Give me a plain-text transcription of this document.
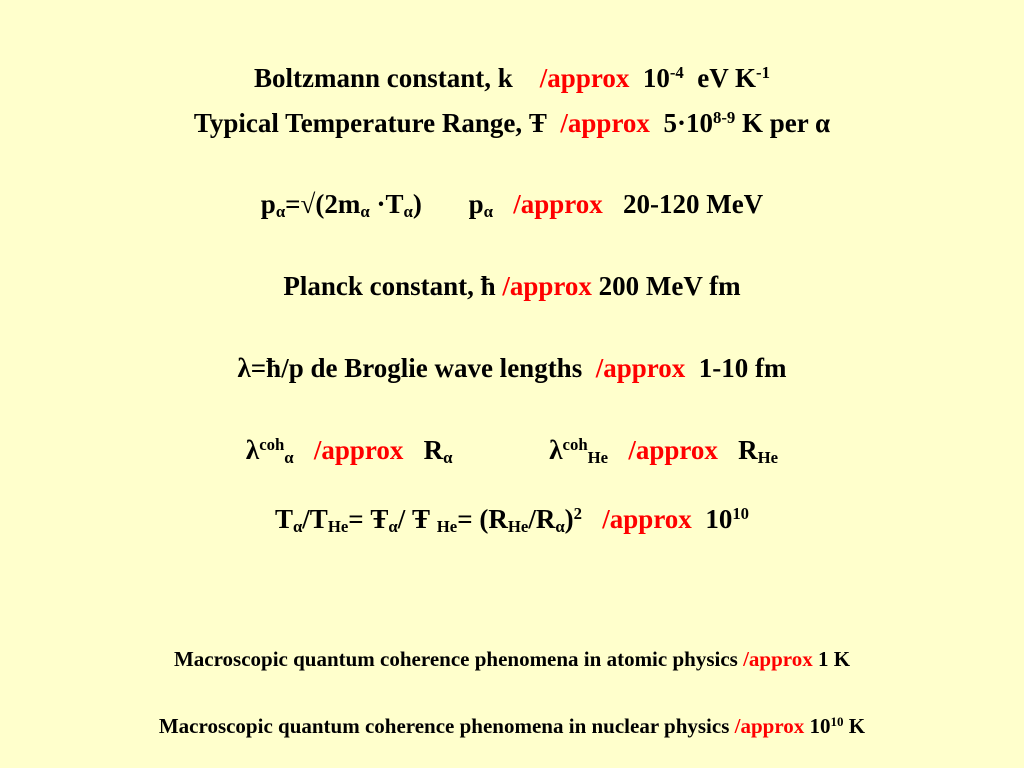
Boltzmann constant, k /approx $10^{-4}$ eV $K^{-1}$
Typical Temperature Range, Ŧ /approx $5\cdot 10^{8-9}$ K per α
$p_\alpha=√(2m_\alpha \cdot T_\alpha)$ $p_\alpha$ /approx 20-120 MeV
Planck constant, ħ /approx 200 MeV fm
λ=ħ/p de Broglie wave lengths /approx 1-10 fm
$\lambda^{coh}_\alpha$ /approx $R_\alpha$	$\lambda^{coh}_{He}$ /approx $R_{He}$
$T_\alpha/T_{He}=$ $Ŧ_\alpha/$ Ŧ $_{He}= (R_{He}/R_\alpha)^2$ /approx $10^{10}$
Macroscopic quantum coherence phenomena in atomic physics /approx 1 K
Macroscopic quantum coherence phenomena in nuclear physics /approx $10^{10}$ K
